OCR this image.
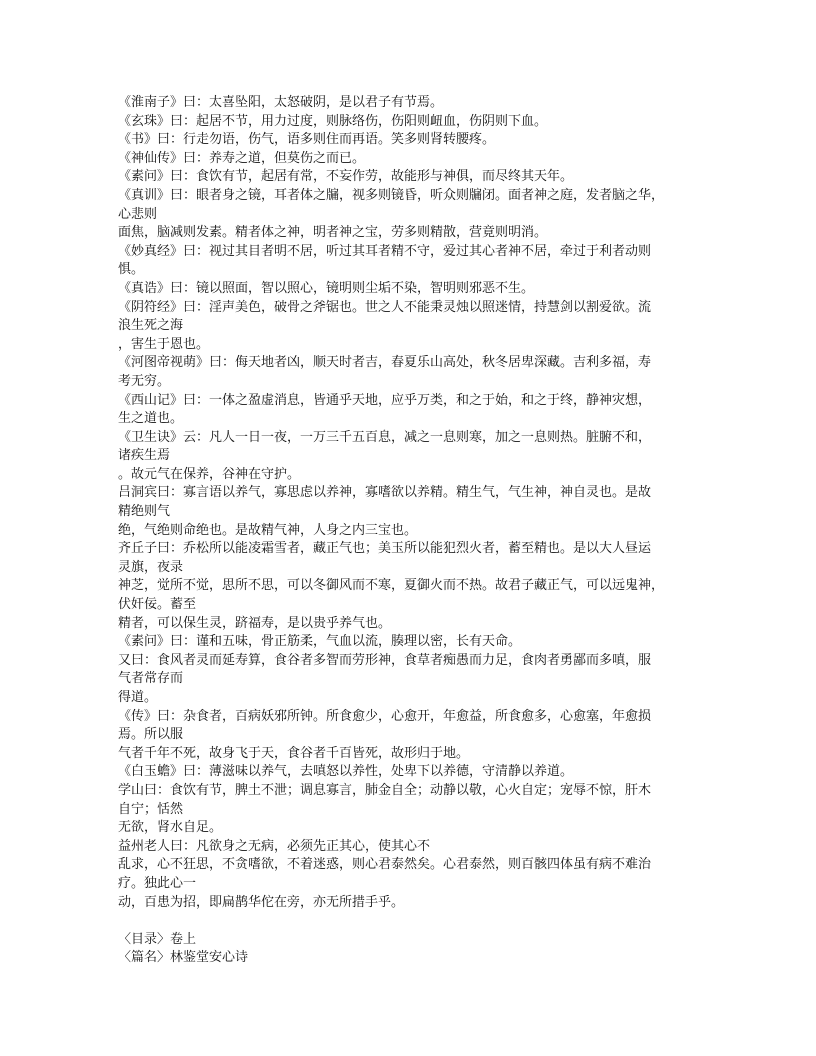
《淮南子》曰：太喜坠阳，太怒破阴，是以君子有节焉。
《玄珠》曰：起居不节，用力过度，则脉络伤，伤阳则衄血，伤阴则下血。
《书》曰：行走勿语，伤气，语多则住而再语。笑多则肾转腰疼。
《神仙传》曰：养寿之道，但莫伤之而已。
《素问》曰：食饮有节，起居有常，不妄作劳，故能形与神俱，而尽终其天年。
《真训》曰：眼者身之镜，耳者体之牖，视多则镜昏，听众则牖闭。面者神之庭，发者脑之华，
心悲则
面焦，脑减则发素。精者体之神，明者神之宝，劳多则精散，营竟则明消。
《妙真经》曰：视过其目者明不居，听过其耳者精不守，爱过其心者神不居，牵过于利者动则
惧。
《真诰》曰：镜以照面，智以照心，镜明则尘垢不染，智明则邪恶不生。
《阴符经》曰：淫声美色，破骨之斧锯也。世之人不能秉灵烛以照迷情，持慧剑以割爱欲。流
浪生死之海
，害生于恩也。
《河图帝视萌》曰：侮天地者凶，顺天时者吉，春夏乐山高处，秋冬居卑深藏。吉利多福，寿
考无穷。
《西山记》曰：一体之盈虚消息，皆通乎天地，应乎万类，和之于始，和之于终，静神灾想，
生之道也。
《卫生诀》云：凡人一日一夜，一万三千五百息，减之一息则寒，加之一息则热。脏腑不和，
诸疾生焉
。故元气在保养，谷神在守护。
吕洞宾曰：寡言语以养气，寡思虑以养神，寡嗜欲以养精。精生气，气生神，神自灵也。是故
精绝则气
绝，气绝则命绝也。是故精气神，人身之内三宝也。
齐丘子曰：乔松所以能凌霜雪者，藏正气也；美玉所以能犯烈火者，蓄至精也。是以大人昼运
灵旗，夜录
神芝，觉所不觉，思所不思，可以冬御风而不寒，夏御火而不热。故君子藏正气，可以远鬼神，
伏奸佞。蓄至
精者，可以保生灵，跻福寿，是以贵乎养气也。
《素问》曰：谨和五味，骨正筋柔，气血以流，腠理以密，长有天命。
又曰：食风者灵而延寿算，食谷者多智而劳形神，食草者痴愚而力足，食肉者勇鄙而多嗔，服
气者常存而
得道。
《传》曰：杂食者，百病妖邪所钟。所食愈少，心愈开，年愈益，所食愈多，心愈塞，年愈损
焉。所以服
气者千年不死，故身飞于天，食谷者千百皆死，故形归于地。
《白玉蟾》曰：薄滋味以养气，去嗔怒以养性，处卑下以养德，守清静以养道。
学山曰：食饮有节，脾土不泄；调息寡言，肺金自全；动静以敬，心火自定；宠辱不惊，肝木
自宁；恬然
无欲，肾水自足。
益州老人曰：凡欲身之无病，必须先正其心，使其心不
乱求，心不狂思，不贪嗜欲，不着迷惑，则心君泰然矣。心君泰然，则百骸四体虽有病不难治
疗。独此心一
动，百患为招，即扁鹊华佗在旁，亦无所措手乎。
〈目录〉卷上
〈篇名〉林鉴堂安心诗
